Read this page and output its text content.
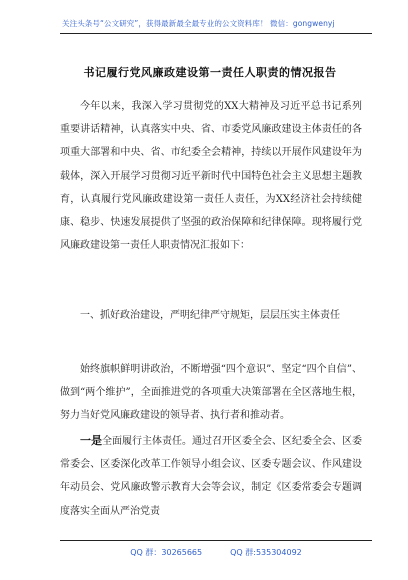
关注头条号“公文研究”，获得最新最全最专业的公文资料库！ 微信：gongwenyj
书记履行党风廉政建设第一责任人职责的情况报告
今年以来，我深入学习贯彻党的XX大精神及习近平总书记系列重要讲话精神，认真落实中央、省、市委党风廉政建设主体责任的各项重大部署和中央、省、市纪委全会精神，持续以开展作风建设年为载体，深入开展学习贯彻习近平新时代中国特色社会主义思想主题教育，认真履行党风廉政建设第一责任人责任，为XX经济社会持续健康、稳步、快速发展提供了坚强的政治保障和纪律保障。现将履行党风廉政建设第一责任人职责情况汇报如下：
一、抓好政治建设，严明纪律严守规矩，层层压实主体责任
始终旗帜鲜明讲政治，不断增强“四个意识”、坚定“四个自信”、做到“两个维护”，全面推进党的各项重大决策部署在全区落地生根，努力当好党风廉政建设的领导者、执行者和推动者。
一是全面履行主体责任。通过召开区委全会、区纪委全会、区委常委会、区委深化改革工作领导小组会议、区委专题会议、作风建设年动员会、党风廉政警示教育大会等会议，制定《区委常委会专题调度落实全面从严治党责
QQ 群：30265665	QQ 群:535304092
